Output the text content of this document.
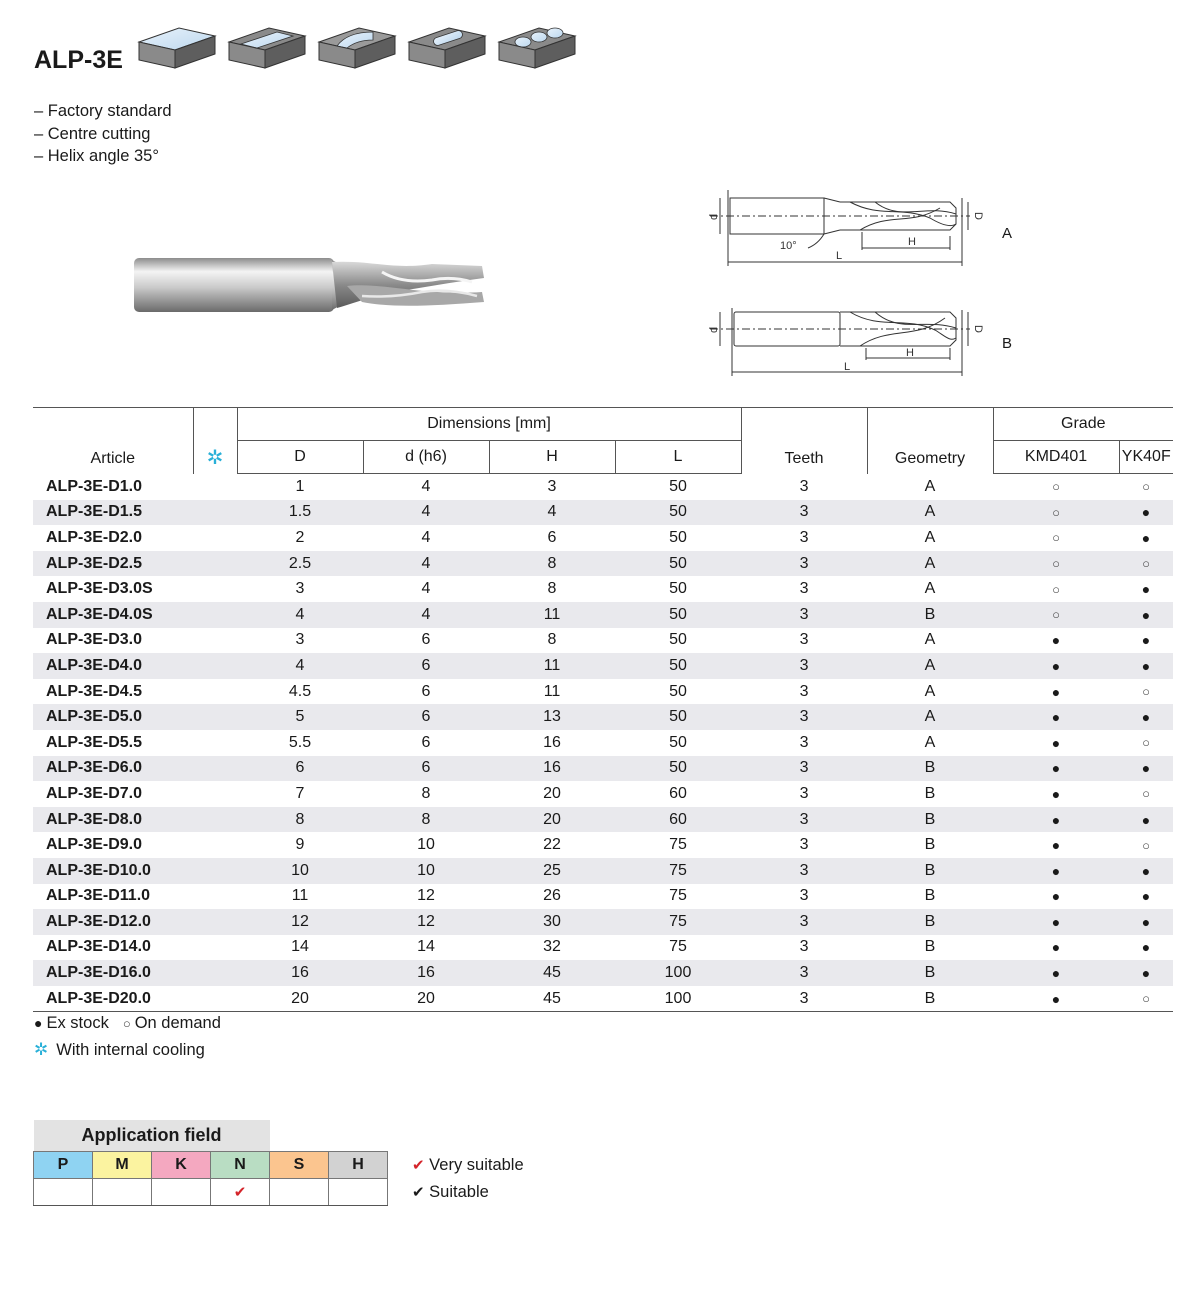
ALP-3E
– Factory standard
– Centre cutting
– Helix angle 35°
d	D
H
L
10°
A
d	D
H
L
B
Article	✲	Dimensions [mm]				Teeth	Geometry	Grade	
		D	d (h6)	H	L			KMD401	YK40F
ALP-3E-D1.0		1	4	3	50	3	A	○	○
ALP-3E-D1.5		1.5	4	4	50	3	A	○	●
ALP-3E-D2.0		2	4	6	50	3	A	○	●
ALP-3E-D2.5		2.5	4	8	50	3	A	○	○
ALP-3E-D3.0S		3	4	8	50	3	A	○	●
ALP-3E-D4.0S		4	4	11	50	3	B	○	●
ALP-3E-D3.0		3	6	8	50	3	A	●	●
ALP-3E-D4.0		4	6	11	50	3	A	●	●
ALP-3E-D4.5		4.5	6	11	50	3	A	●	○
ALP-3E-D5.0		5	6	13	50	3	A	●	●
ALP-3E-D5.5		5.5	6	16	50	3	A	●	○
ALP-3E-D6.0		6	6	16	50	3	B	●	●
ALP-3E-D7.0		7	8	20	60	3	B	●	○
ALP-3E-D8.0		8	8	20	60	3	B	●	●
ALP-3E-D9.0		9	10	22	75	3	B	●	○
ALP-3E-D10.0		10	10	25	75	3	B	●	●
ALP-3E-D11.0		11	12	26	75	3	B	●	●
ALP-3E-D12.0		12	12	30	75	3	B	●	●
ALP-3E-D14.0		14	14	32	75	3	B	●	●
ALP-3E-D16.0		16	16	45	100	3	B	●	●
ALP-3E-D20.0		20	20	45	100	3	B	●	○
● Ex stock ○ On demand
✲ With internal cooling
Application field					
P	M	K	N	S	H
			✔		
✔ Very suitable
✔ Suitable
